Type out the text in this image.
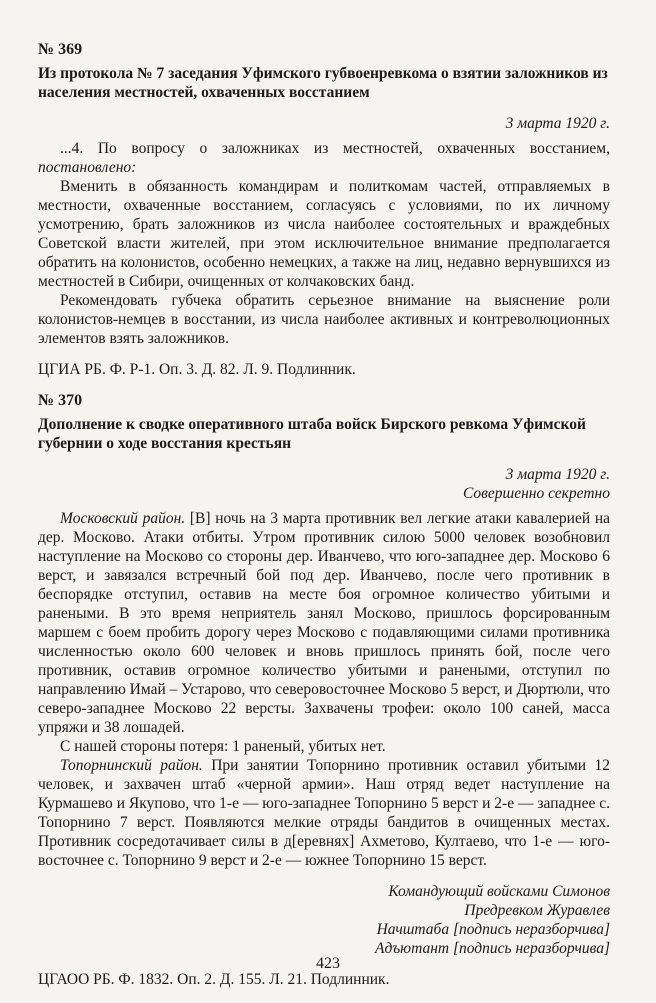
№ 369
Из протокола № 7 заседания Уфимского губвоенревкома о взятии заложников из населения местностей, охваченных восстанием
3 марта 1920 г.

...4. По вопросу о заложниках из местностей, охваченных восстанием, постановлено:

Вменить в обязанность командирам и политкомам частей, отправляемых в местности, охваченные восстанием, согласуясь с условиями, по их личному усмотрению, брать заложников из числа наиболее состоятельных и враждебных Советской власти жителей, при этом исключительное внимание предполагается обратить на колонистов, особенно немецких, а также на лиц, недавно вернувшихся из местностей в Сибири, очищенных от колчаковских банд.

Рекомендовать губчека обратить серьезное внимание на выяснение роли колонистов-немцев в восстании, из числа наиболее активных и контреволюционных элементов взять заложников.

ЦГИА РБ. Ф. Р-1. Оп. 3. Д. 82. Л. 9. Подлинник.
№ 370
Дополнение к сводке оперативного штаба войск Бирского ревкома Уфимской губернии о ходе восстания крестьян
3 марта 1920 г.
Совершенно секретно

Московский район. [В] ночь на 3 марта противник вел легкие атаки кавалерией на дер. Московo. Атаки отбиты. Утром противник силою 5000 человек возобновил наступление на Московo со стороны дер. Иванчево, что юго-западнее дер. Московo 6 верст, и завязался встречный бой под дер. Иванчево, после чего противник в беспорядке отступил, оставив на месте боя огромное количество убитыми и ранеными. В это время неприятель занял Московo, пришлось форсированным маршем с боем пробить дорогу через Московo с подавляющими силами противника численностью около 600 человек и вновь пришлось принять бой, после чего противник, оставив огромное количество убитыми и ранеными, отступил по направлению Имай – Устарово, что северовосточнее Московo 5 верст, и Дюртюли, что северо-западнее Московo 22 версты. Захвачены трофеи: около 100 саней, масса упряжи и 38 лошадей.

С нашей стороны потеря: 1 раненый, убитых нет.

Топорнинский район. При занятии Топорнино противник оставил убитыми 12 человек, и захвачен штаб «черной армии». Наш отряд ведет наступление на Курмашево и Якупово, что 1-е — юго-западнее Топорнино 5 верст и 2-е — западнее с. Топорнино 7 верст. Появляются мелкие отряды бандитов в очищенных местах. Противник сосредотачивает силы в д[еревнях] Ахметово, Култаево, что 1-е — юго-восточнее с. Топорнино 9 верст и 2-е — южнее Топорнино 15 верст.

Командующий войсками Симонов
Предревком Журавлев
Начштаба [подпись неразборчива]
Адъютант [подпись неразборчива]
ЦГАОО РБ. Ф. 1832. Оп. 2. Д. 155. Л. 21. Подлинник.
423
